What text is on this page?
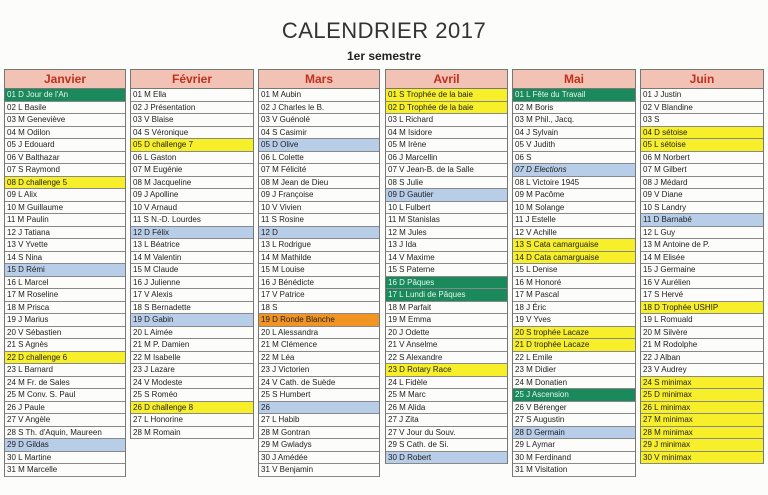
CALENDRIER 2017
1er semestre
Janvier
01 D Jour de l'An
02 L Basile
03 M Geneviève
04 M Odilon
05 J Edouard
06 V Balthazar
07 S Raymond
08 D challenge 5
09 L Alix
10 M Guillaume
11 M Paulin
12 J Tatiana
13 V Yvette
14 S Nina
15 D Rémi
16 L Marcel
17 M Roseline
18 M Prisca
19 J Marius
20 V Sébastien
21 S Agnès
22 D challenge 6
23 L Barnard
24 M Fr. de Sales
25 M Conv. S. Paul
26 J Paule
27 V Angèle
28 S Th. d'Aquin, Maureen
29 D Gildas
30 L Martine
31 M Marcelle
Février
01 M Ella
02 J Présentation
03 V Blaise
04 S Véronique
05 D challenge 7
06 L Gaston
07 M Eugénie
08 M Jacqueline
09 J Apolline
10 V Arnaud
11 S N.-D. Lourdes
12 D Félix
13 L Béatrice
14 M Valentin
15 M Claude
16 J Julienne
17 V Alexis
18 S Bernadette
19 D Gabin
20 L Aimée
21 M P. Damien
22 M Isabelle
23 J Lazare
24 V Modeste
25 S Roméo
26 D challenge 8
27 L Honorine
28 M Romain
Mars
01 M Aubin
02 J Charles le B.
03 V Guénolé
04 S Casimir
05 D Olive
06 L Colette
07 M Félicité
08 M Jean de Dieu
09 J Françoise
10 V Vivien
11 S Rosine
12 D
13 L Rodrigue
14 M Mathilde
15 M Louise
16 J Bénédicte
17 V Patrice
18 S
19 D Ronde Blanche
20 L Alessandra
21 M Clémence
22 M Léa
23 J Victorien
24 V Cath. de Suède
25 S Humbert
26
27 L Habib
28 M Gontran
29 M Gwladys
30 J Amédée
31 V Benjamin
Avril
01 S Trophée de la baie
02 D Trophée de la baie
03 L Richard
04 M Isidore
05 M Irène
06 J Marcellin
07 V Jean-B. de la Salle
08 S Julie
09 D Gautier
10 L Fulbert
11 M Stanislas
12 M Jules
13 J Ida
14 V Maxime
15 S Paterne
16 D Pâques
17 L Lundi de Pâques
18 M Parfait
19 M Emma
20 J Odette
21 V Anselme
22 S Alexandre
23 D Rotary Race
24 L Fidèle
25 M Marc
26 M Alida
27 J Zita
27 V Jour du Souv.
29 S Cath. de Si.
30 D Robert
Mai
01 L Fête du Travail
02 M Boris
03 M Phil., Jacq.
04 J Sylvain
05 V Judith
06 S
07 D Elections
08 L Victoire 1945
09 M Pacôme
10 M Solange
11 J Estelle
12 V Achille
13 S Cata camarguaise
14 D Cata camarguaise
15 L Denise
16 M Honoré
17 M Pascal
18 J Éric
19 V Yves
20 S trophée Lacaze
21 D trophée Lacaze
22 L Emile
23 M Didier
24 M Donatien
25 J Ascension
26 V Bérenger
27 S Augustin
28 D Germain
29 L Aymar
30 M Ferdinand
31 M Visitation
Juin
01 J Justin
02 V Blandine
03 S
04 D sétoise
05 L sétoise
06 M Norbert
07 M Gilbert
08 J Médard
09 V Diane
10 S Landry
11 D Barnabé
12 L Guy
13 M Antoine de P.
14 M Elisée
15 J Germaine
16 V Aurélien
17 S Hervé
18 D Trophée USHIP
19 L Romuald
20 M Silvère
21 M Rodolphe
22 J Alban
23 V Audrey
24 S minimax
25 D minimax
26 L minimax
27 M minimax
28 M minimax
29 J minimax
30 V minimax
